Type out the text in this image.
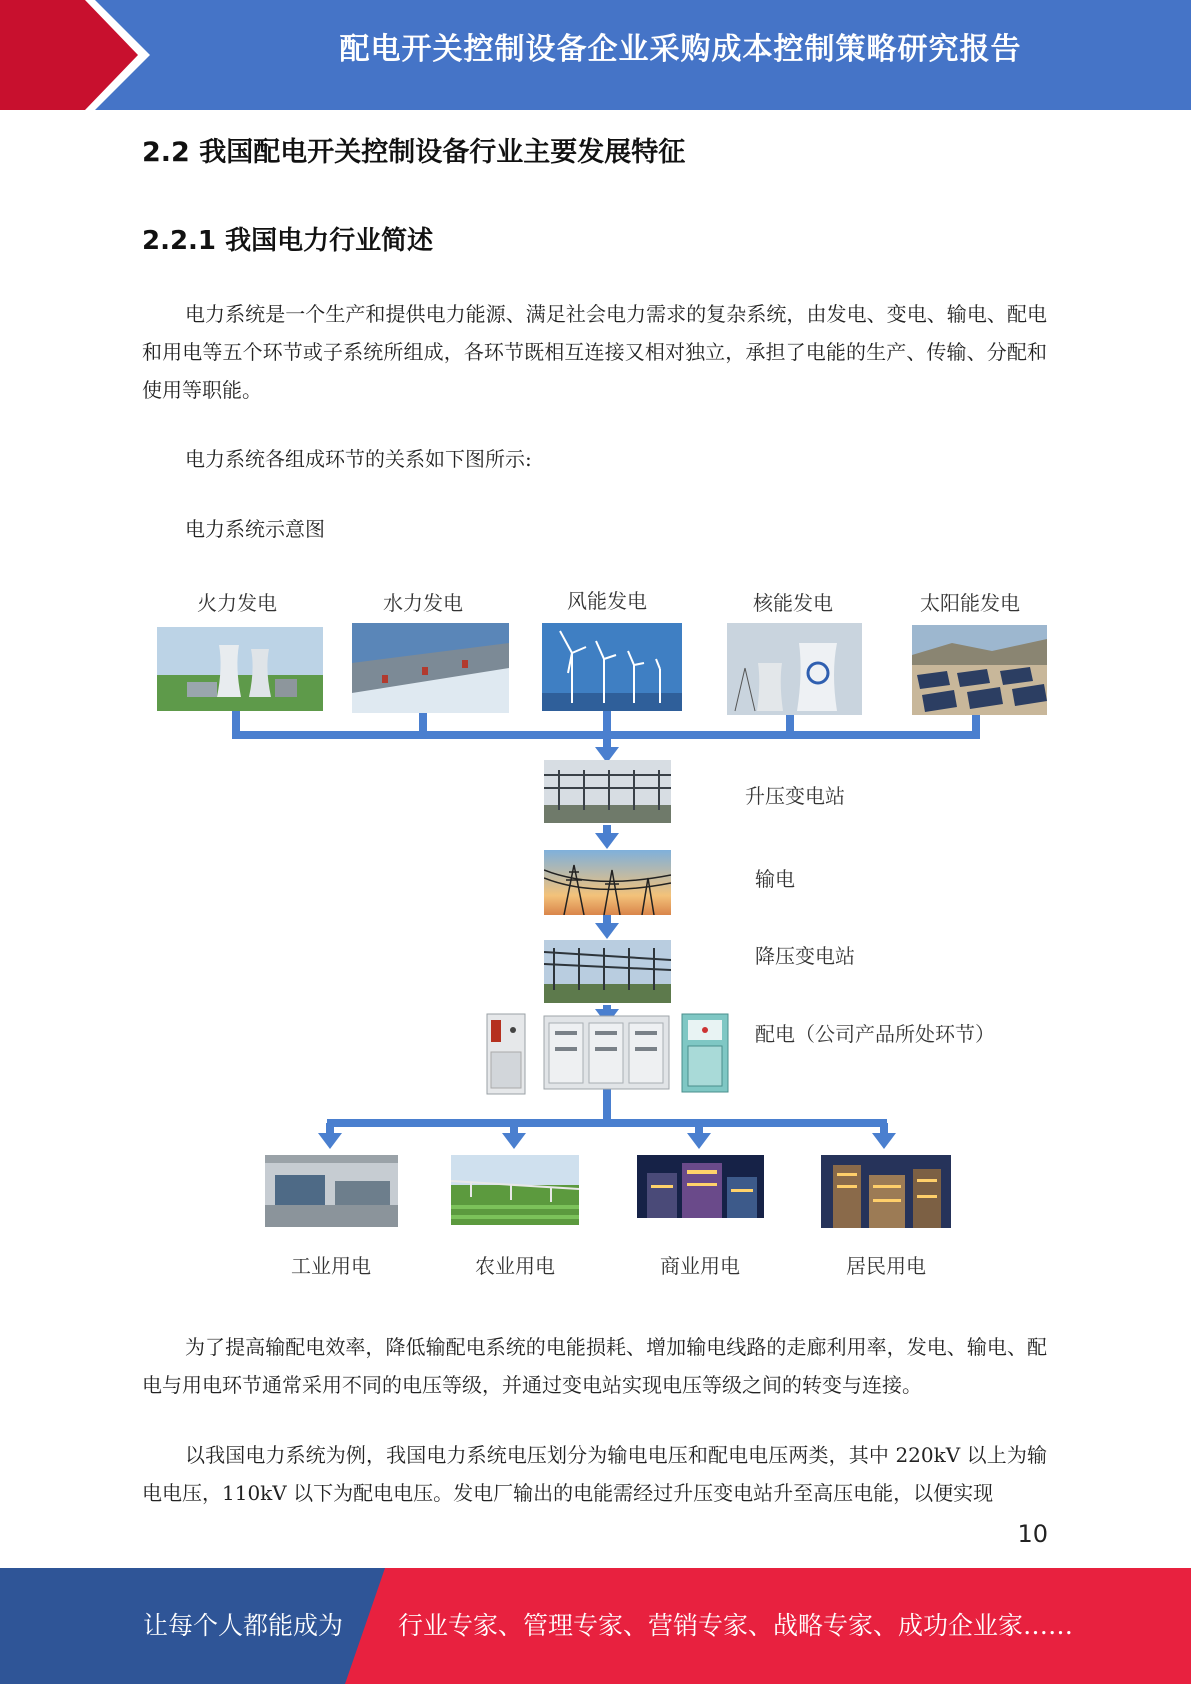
配电开关控制设备企业采购成本控制策略研究报告
2.2 我国配电开关控制设备行业主要发展特征
2.2.1 我国电力行业简述
电力系统是一个生产和提供电力能源、满足社会电力需求的复杂系统，由发电、变电、输电、配电和用电等五个环节或子系统所组成，各环节既相互连接又相对独立，承担了电能的生产、传输、分配和使用等职能。
电力系统各组成环节的关系如下图所示:
电力系统示意图
火力发电	水力发电	风能发电	核能发电	太阳能发电
升压变电站
输电
降压变电站
配电（公司产品所处环节）
工业用电	农业用电	商业用电	居民用电
为了提高输配电效率，降低输配电系统的电能损耗、增加输电线路的走廊利用率，发电、输电、配电与用电环节通常采用不同的电压等级，并通过变电站实现电压等级之间的转变与连接。
以我国电力系统为例，我国电力系统电压划分为输电电压和配电电压两类，其中 220kV 以上为输电电压，110kV 以下为配电电压。发电厂输出的电能需经过升压变电站升至高压电能，以便实现
10
让每个人都能成为 行业专家、管理专家、营销专家、战略专家、成功企业家……
